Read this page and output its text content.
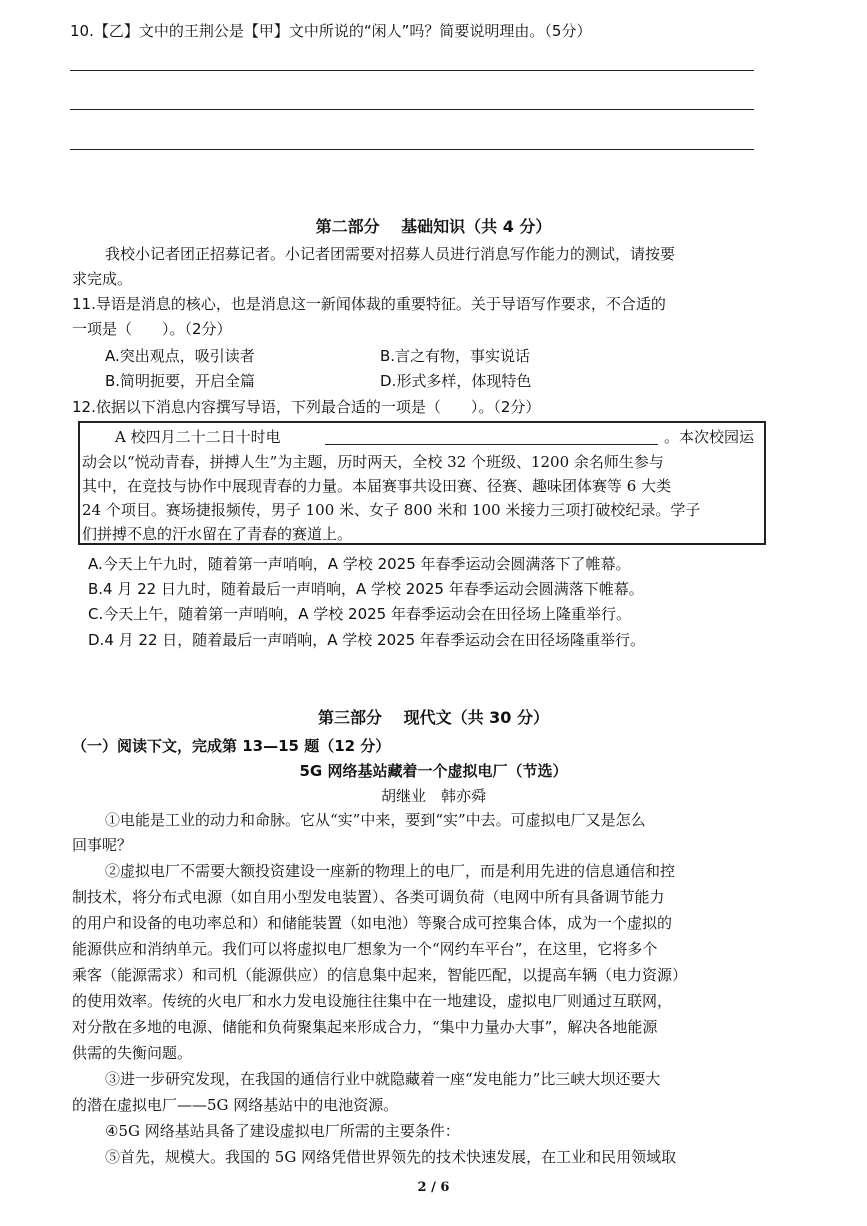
10.【乙】文中的王荆公是【甲】文中所说的“闲人”吗？简要说明理由。（5分）
第二部分　 基础知识（共 4 分）
我校小记者团正招募记者。小记者团需要对招募人员进行消息写作能力的测试，请按要
求完成。
11.导语是消息的核心，也是消息这一新闻体裁的重要特征。关于导语写作要求，不合适的
一项是（　　）。（2分）
A.突出观点，吸引读者	B.言之有物，事实说话
B.简明扼要，开启全篇	D.形式多样，体现特色
12.依据以下消息内容撰写导语，下列最合适的一项是（　　）。（2分）
A 校四月二十二日十时电	。本次校园运
动会以“悦动青春，拼搏人生”为主题，历时两天，全校 32 个班级、1200 余名师生参与
其中，在竞技与协作中展现青春的力量。本届赛事共设田赛、径赛、趣味团体赛等 6 大类
24 个项目。赛场捷报频传，男子 100 米、女子 800 米和 100 米接力三项打破校纪录。学子
们拼搏不息的汗水留在了青春的赛道上。
A.今天上午九时，随着第一声哨响，A 学校 2025 年春季运动会圆满落下了帷幕。
B.4 月 22 日九时，随着最后一声哨响，A 学校 2025 年春季运动会圆满落下帷幕。
C.今天上午，随着第一声哨响，A 学校 2025 年春季运动会在田径场上隆重举行。
D.4 月 22 日，随着最后一声哨响，A 学校 2025 年春季运动会在田径场隆重举行。
第三部分　 现代文（共 30 分）
（一）阅读下文，完成第 13—15 题（12 分）
5G 网络基站藏着一个虚拟电厂（节选）
胡继业　韩亦舜
①电能是工业的动力和命脉。它从“实”中来，要到“实”中去。可虚拟电厂又是怎么
回事呢？
②虚拟电厂不需要大额投资建设一座新的物理上的电厂，而是利用先进的信息通信和控
制技术，将分布式电源（如自用小型发电装置）、各类可调负荷（电网中所有具备调节能力
的用户和设备的电功率总和）和储能装置（如电池）等聚合成可控集合体，成为一个虚拟的
能源供应和消纳单元。我们可以将虚拟电厂想象为一个“网约车平台”，在这里，它将多个
乘客（能源需求）和司机（能源供应）的信息集中起来，智能匹配，以提高车辆（电力资源）
的使用效率。传统的火电厂和水力发电设施往往集中在一地建设，虚拟电厂则通过互联网，
对分散在多地的电源、储能和负荷聚集起来形成合力，“集中力量办大事”，解决各地能源
供需的失衡问题。
③进一步研究发现，在我国的通信行业中就隐藏着一座“发电能力”比三峡大坝还要大
的潜在虚拟电厂——5G 网络基站中的电池资源。
④5G 网络基站具备了建设虚拟电厂所需的主要条件：
⑤首先，规模大。我国的 5G 网络凭借世界领先的技术快速发展，在工业和民用领域取
2 / 6
